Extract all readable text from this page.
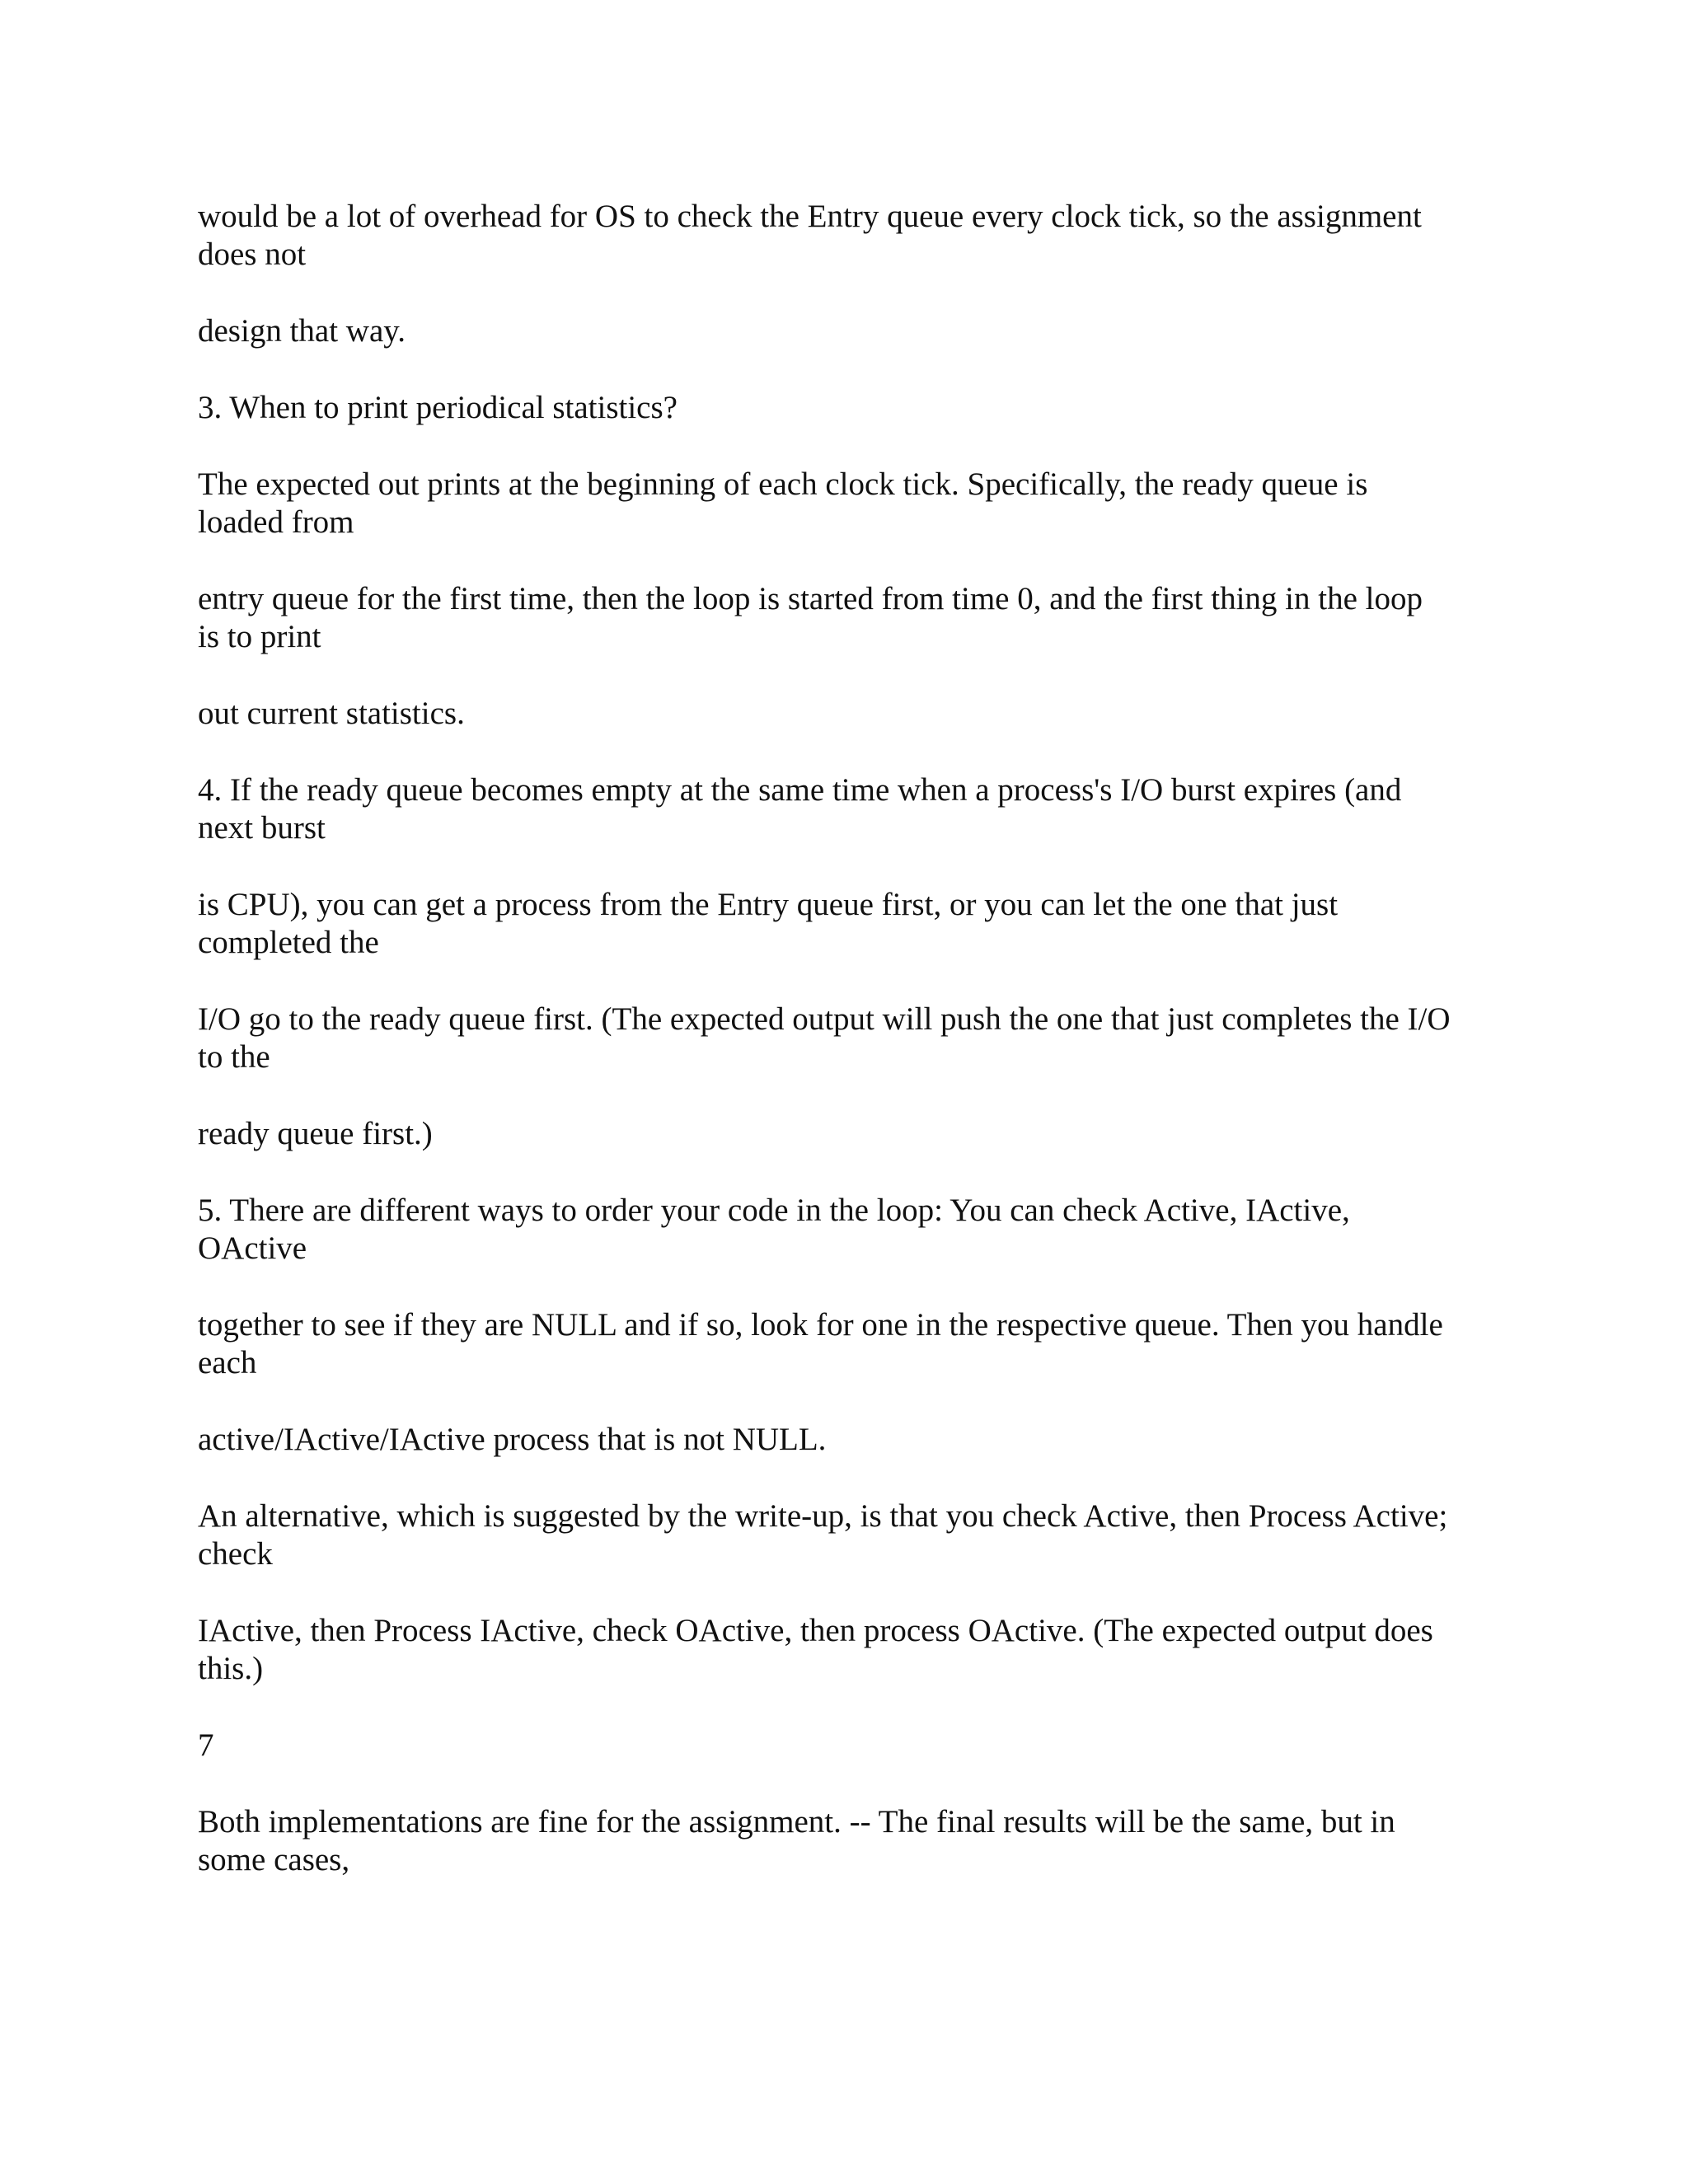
would be a lot of overhead for OS to check the Entry queue every clock tick, so the assignment
does not

design that way.

3. When to print periodical statistics?

The expected out prints at the beginning of each clock tick. Specifically, the ready queue is
loaded from

entry queue for the first time, then the loop is started from time 0, and the first thing in the loop
is to print

out current statistics.

4. If the ready queue becomes empty at the same time when a process's I/O burst expires (and
next burst

is CPU), you can get a process from the Entry queue first, or you can let the one that just
completed the

I/O go to the ready queue first. (The expected output will push the one that just completes the I/O
to the

ready queue first.)

5. There are different ways to order your code in the loop: You can check Active, IActive,
OActive

together to see if they are NULL and if so, look for one in the respective queue. Then you handle
each

active/IActive/IActive process that is not NULL.

An alternative, which is suggested by the write-up, is that you check Active, then Process Active;
check

IActive, then Process IActive, check OActive, then process OActive. (The expected output does
this.)

7

Both implementations are fine for the assignment. -- The final results will be the same, but in
some cases,
